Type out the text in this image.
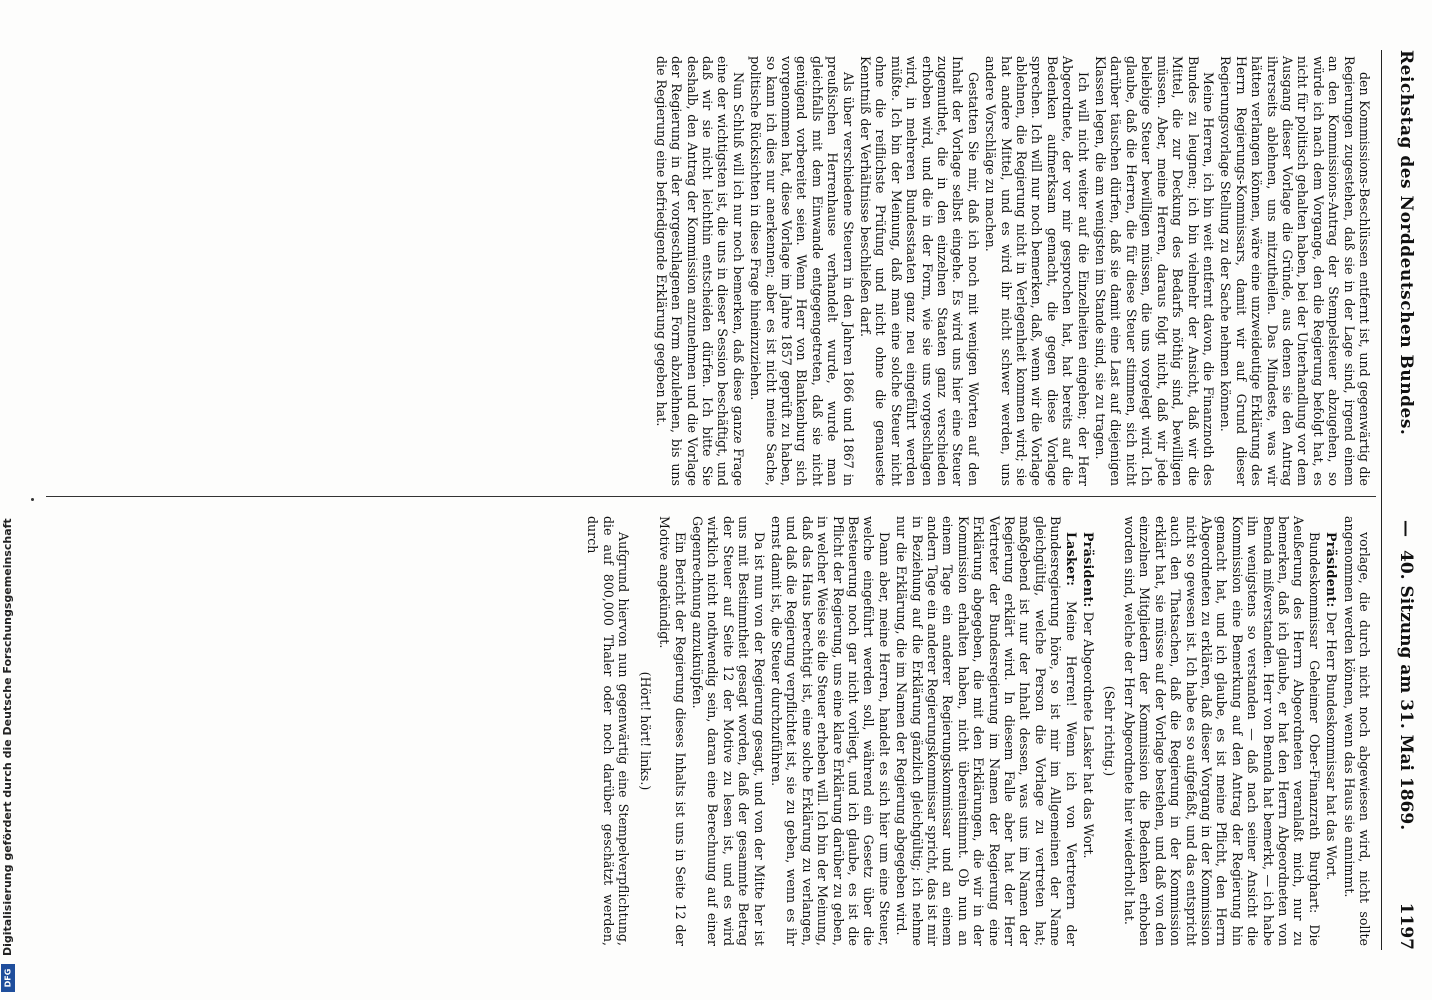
Reichstag des Norddeutschen Bundes.
—
40. Sitzung am 31. Mai 1869.
1197

den Kommissions-Beschlüssen entfernt ist, und gegenwärtig die Regierungen zugestehen, daß sie in der Lage sind, irgend einem an den Kommissions-Antrag der Stempelsteuer abzugehen, so würde ich nach dem Vorgange, den die Regierung befolgt hat, es nicht für politisch gehalten haben, bei der Unterhandlung vor dem Ausgang dieser Vorlage die Gründe, aus denen sie den Antrag ihrerseits ablehnen, uns mitzutheilen. Das Mindeste, was wir hätten verlangen können, wäre eine unzweideutige Erklärung des Herrn Regierungs-Kommissars, damit wir auf Grund dieser Regierungsvorlage Stellung zu der Sache nehmen können.

Meine Herren, ich bin weit entfernt davon, die Finanznoth des Bundes zu leugnen; ich bin vielmehr der Ansicht, daß wir die Mittel, die zur Deckung des Bedarfs nöthig sind, bewilligen müssen. Aber, meine Herren, daraus folgt nicht, daß wir jede beliebige Steuer bewilligen müssen, die uns vorgelegt wird. Ich glaube, daß die Herren, die für diese Steuer stimmen, sich nicht darüber täuschen dürfen, daß sie damit eine Last auf diejenigen Klassen legen, die am wenigsten im Stande sind, sie zu tragen.

Ich will nicht weiter auf die Einzelheiten eingehen; der Herr Abgeordnete, der vor mir gesprochen hat, hat bereits auf die Bedenken aufmerksam gemacht, die gegen diese Vorlage sprechen. Ich will nur noch bemerken, daß, wenn wir die Vorlage ablehnen, die Regierung nicht in Verlegenheit kommen wird; sie hat andere Mittel, und es wird ihr nicht schwer werden, uns andere Vorschläge zu machen.

Gestatten Sie mir, daß ich noch mit wenigen Worten auf den Inhalt der Vorlage selbst eingehe. Es wird uns hier eine Steuer zugemuthet, die in den einzelnen Staaten ganz verschieden erhoben wird, und die in der Form, wie sie uns vorgeschlagen wird, in mehreren Bundesstaaten ganz neu eingeführt werden müßte. Ich bin der Meinung, daß man eine solche Steuer nicht ohne die reiflichste Prüfung und nicht ohne die genaueste Kenntniß der Verhältnisse beschließen darf.

Als über verschiedene Steuern in den Jahren 1866 und 1867 in preußischen Herrenhause verhandelt wurde, wurde man gleichfalls mit dem Einwande entgegengetreten, daß sie nicht genügend vorbereitet seien. Wenn Herr von Blankenburg sich vorgenommen hat, diese Vorlage im Jahre 1857 geprüft zu haben, so kann ich dies nur anerkennen; aber es ist nicht meine Sache, politische Rücksichten in diese Frage hineinzuziehen.

Nun Schluß will ich nur noch bemerken, daß diese ganze Frage eine der wichtigsten ist, die uns in dieser Session beschäftigt, und daß wir sie nicht leichthin entscheiden dürfen. Ich bitte Sie deshalb, den Antrag der Kommission anzunehmen und die Vorlage der Regierung in der vorgeschlagenen Form abzulehnen, bis uns die Regierung eine befriedigende Erklärung gegeben hat.

vorlage, die durch nicht noch abgewiesen wird, nicht sollte angenommen werden können, wenn das Haus sie annimmt.

Präsident: Der Herr Bundeskommissar hat das Wort.

Bundeskommissar Geheimer Ober-Finanzrath Burghart: Die Aeußerung des Herrn Abgeordneten veranlaßt mich, nur zu bemerken, daß ich glaube, er hat den Herrn Abgeordneten von Bennda mißverstanden. Herr von Bennda hat bemerkt, — ich habe ihn wenigstens so verstanden — daß nach seiner Ansicht die Kommission eine Bemerkung auf den Antrag der Regierung hin gemacht hat, und ich glaube, es ist meine Pflicht, den Herrn Abgeordneten zu erklären, daß dieser Vorgang in der Kommission nicht so gewesen ist. Ich habe es so aufgefaßt, und das entspricht auch den Thatsachen, daß die Regierung in der Kommission erklärt hat, sie müsse auf der Vorlage bestehen, und daß von den einzelnen Mitgliedern der Kommission die Bedenken erhoben worden sind, welche der Herr Abgeordnete hier wiederholt hat.

(Sehr richtig.)

Präsident: Der Abgeordnete Lasker hat das Wort.

Lasker: Meine Herren! Wenn ich von Vertretern der Bundesregierung höre, so ist mir im Allgemeinen der Name gleichgültig, welche Person die Vorlage zu vertreten hat; maßgebend ist nur der Inhalt dessen, was uns im Namen der Regierung erklärt wird. In diesem Falle aber hat der Herr Vertreter der Bundesregierung im Namen der Regierung eine Erklärung abgegeben, die mit den Erklärungen, die wir in der Kommission erhalten haben, nicht übereinstimmt. Ob nun an einem Tage ein anderer Regierungskommissar und an einem andern Tage ein anderer Regierungskommissar spricht, das ist mir in Beziehung auf die Erklärung gänzlich gleichgültig; ich nehme nur die Erklärung, die im Namen der Regierung abgegeben wird.

Dann aber, meine Herren, handelt es sich hier um eine Steuer, welche eingeführt werden soll, während ein Gesetz über die Besteuerung noch gar nicht vorliegt, und ich glaube, es ist die Pflicht der Regierung, uns eine klare Erklärung darüber zu geben, in welcher Weise sie die Steuer erheben will. Ich bin der Meinung, daß das Haus berechtigt ist, eine solche Erklärung zu verlangen, und daß die Regierung verpflichtet ist, sie zu geben, wenn es ihr ernst damit ist, die Steuer durchzuführen.

Da ist nun von der Regierung gesagt, und von der Mitte her ist uns mit Bestimmtheit gesagt worden, daß der gesammte Betrag der Steuer auf Seite 12 der Motive zu lesen ist, und es wird wirklich nicht nothwendig sein, daran eine Berechnung auf einer Gegenrechnung anzuknüpfen.

Ein Bericht der Regierung dieses Inhalts ist uns in Seite 12 der Motive angekündigt.

(Hört! hört! links.)

Aufgrund hiervon nun gegenwärtig eine Stempelverpflichtung, die auf 800,000 Thaler oder noch darüber geschätzt werden, durch

Digitalisierung gefördert durch die Deutsche Forschungsgemeinschaft
DFG
